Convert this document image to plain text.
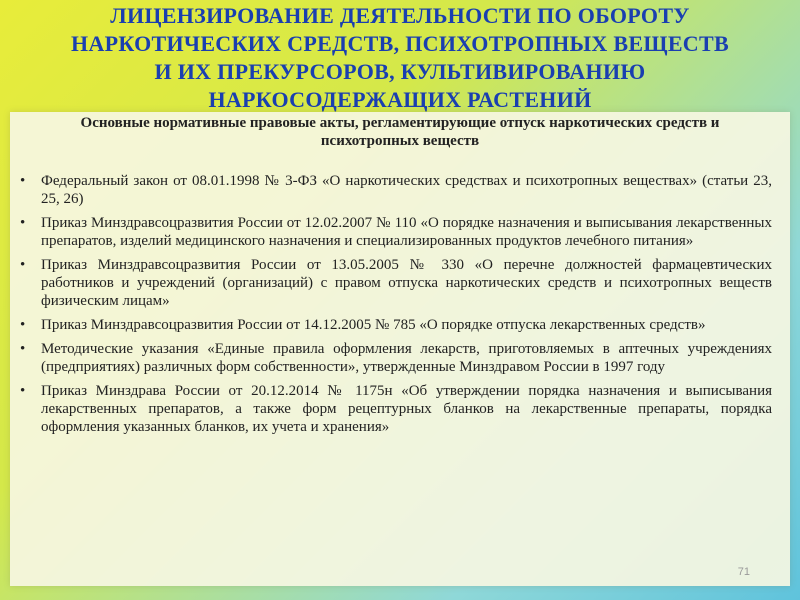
ЛИЦЕНЗИРОВАНИЕ ДЕЯТЕЛЬНОСТИ ПО ОБОРОТУ
НАРКОТИЧЕСКИХ СРЕДСТВ, ПСИХОТРОПНЫХ ВЕЩЕСТВ
И ИХ ПРЕКУРСОРОВ, КУЛЬТИВИРОВАНИЮ
НАРКОСОДЕРЖАЩИХ РАСТЕНИЙ
Основные нормативные правовые акты, регламентирующие отпуск наркотических средств и психотропных веществ
•	Федеральный закон от 08.01.1998 № 3-ФЗ «О наркотических средствах и психотропных веществах» (статьи 23, 25, 26)
•	Приказ Минздравсоцразвития России от 12.02.2007 № 110 «О порядке назначения и выписывания лекарственных препаратов, изделий медицинского назначения и специализированных продуктов лечебного питания»
•	Приказ Минздравсоцразвития России от 13.05.2005 № 330 «О перечне должностей фармацевтических работников и учреждений (организаций) с правом отпуска наркотических средств и психотропных веществ физическим лицам»
•	Приказ Минздравсоцразвития России от 14.12.2005 № 785 «О порядке отпуска лекарственных средств»
•	Методические указания «Единые правила оформления лекарств, приготовляемых в аптечных учреждениях (предприятиях) различных форм собственности», утвержденные Минздравом России в 1997 году
•	Приказ Минздрава России от 20.12.2014 № 1175н «Об утверждении порядка назначения и выписывания лекарственных препаратов, а также форм рецептурных бланков на лекарственные препараты, порядка оформления указанных бланков, их учета и хранения»
71
